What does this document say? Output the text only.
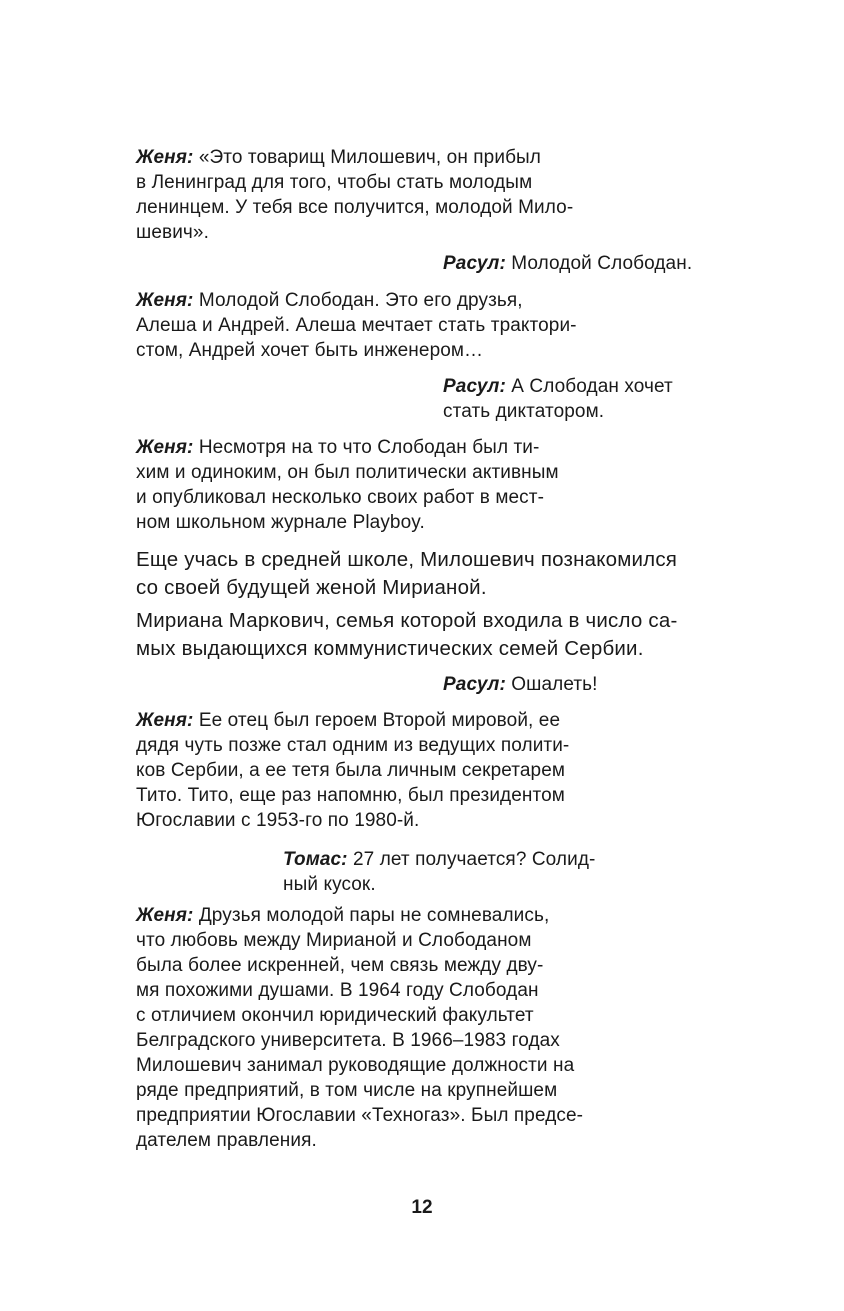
Женя: «Это товарищ Милошевич, он прибыл
в Ленинград для того, чтобы стать молодым
ленинцем. У тебя все получится, молодой Мило-
шевич».
Расул: Молодой Слободан.
Женя: Молодой Слободан. Это его друзья,
Алеша и Андрей. Алеша мечтает стать трактори-
стом, Андрей хочет быть инженером…
Расул: А Слободан хочет
стать диктатором.
Женя: Несмотря на то что Слободан был ти-
хим и одиноким, он был политически активным
и опубликовал несколько своих работ в мест-
ном школьном журнале Playboy.
Еще учась в средней школе, Милошевич познакомился
со своей будущей женой Мирианой.
Мириана Маркович, семья которой входила в число са-
мых выдающихся коммунистических семей Сербии.
Расул: Ошалеть!
Женя: Ее отец был героем Второй мировой, ее
дядя чуть позже стал одним из ведущих полити-
ков Сербии, а ее тетя была личным секретарем
Тито. Тито, еще раз напомню, был президентом
Югославии с 1953-го по 1980-й.
Томас: 27 лет получается? Солид-
ный кусок.
Женя: Друзья молодой пары не сомневались,
что любовь между Мирианой и Слободаном
была более искренней, чем связь между дву-
мя похожими душами. В 1964 году Слободан
с отличием окончил юридический факультет
Белградского университета. В 1966–1983 годах
Милошевич занимал руководящие должности на
ряде предприятий, в том числе на крупнейшем
предприятии Югославии «Техногаз». Был предсе-
дателем правления.
12
